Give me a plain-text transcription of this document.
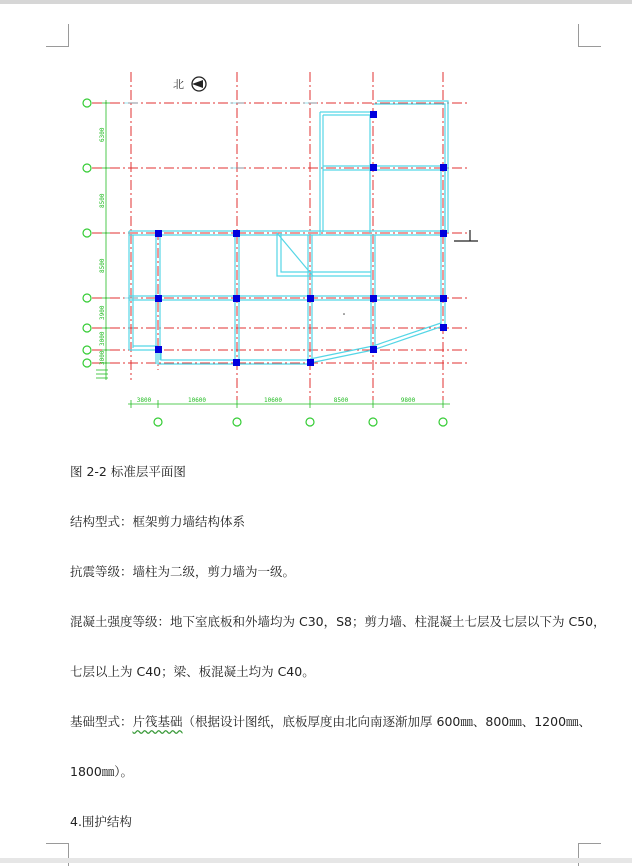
6300
8500
8500
3900
3000
3000
3800	10600	10600	8500	9800
北

图 2-2 标准层平面图

结构型式：框架剪力墙结构体系

抗震等级：墙柱为二级，剪力墙为一级。

混凝土强度等级：地下室底板和外墙均为 C30，S8；剪力墙、柱混凝土七层及七层以下为 C50，

七层以上为 C40；梁、板混凝土均为 C40。

基础型式：片筏基础（根据设计图纸，底板厚度由北向南逐渐加厚 600㎜、800㎜、1200㎜、

1800㎜）。

4.围护结构
